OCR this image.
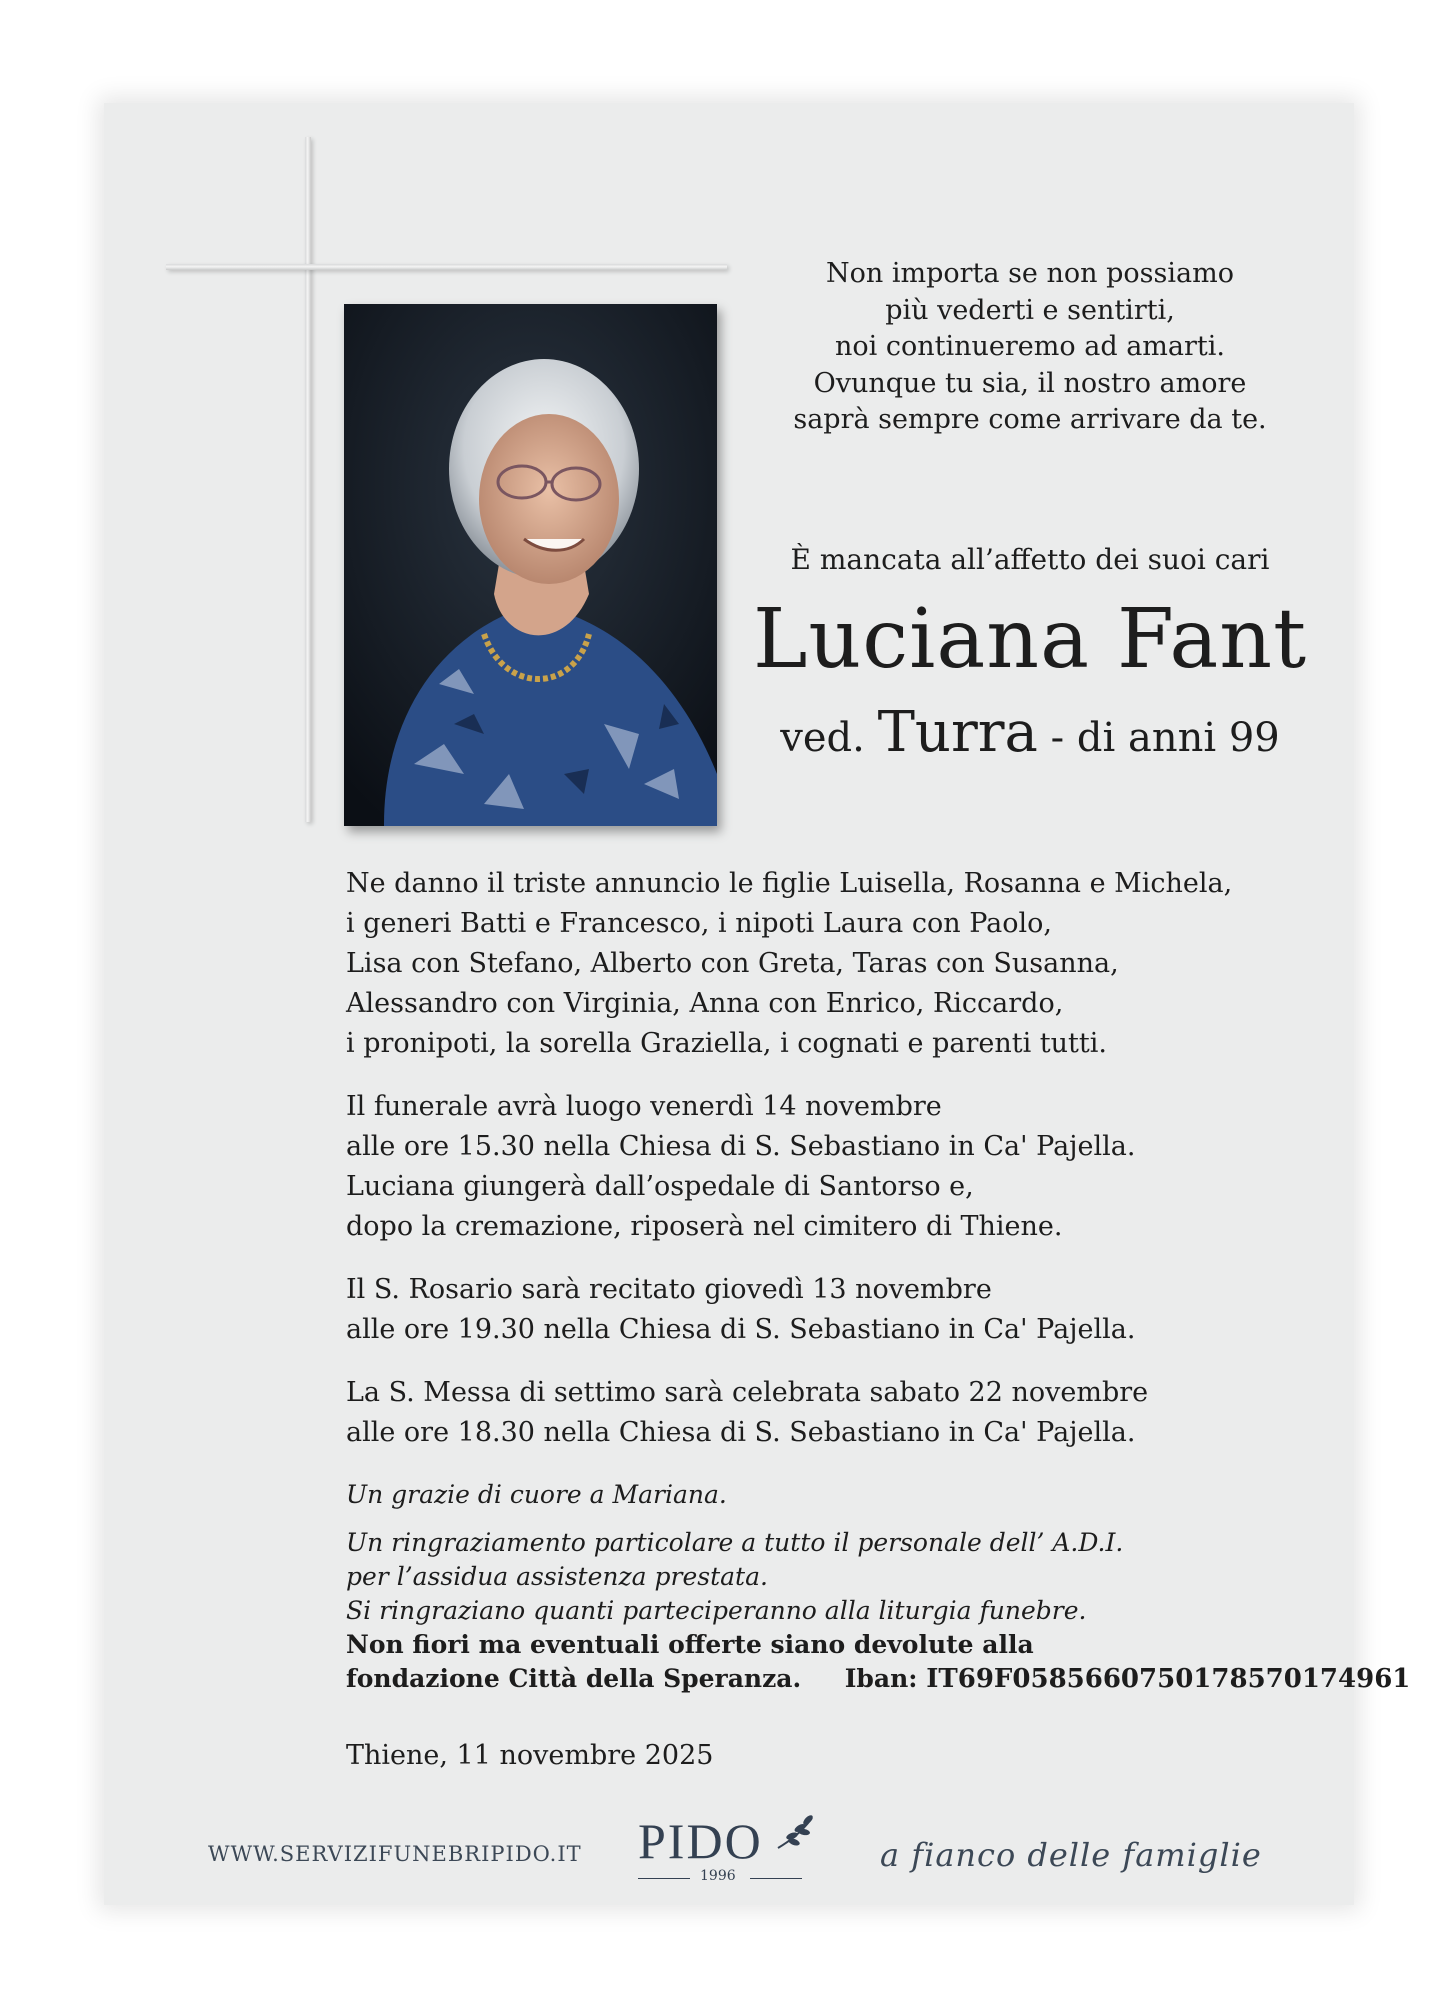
Non importa se non possiamo
più vederti e sentirti,
noi continueremo ad amarti.
Ovunque tu sia, il nostro amore
saprà sempre come arrivare da te.
È mancata all’affetto dei suoi cari
Luciana Fant
ved. Turra - di anni 99
Ne danno il triste annuncio le figlie Luisella, Rosanna e Michela,
i generi Batti e Francesco, i nipoti Laura con Paolo,
Lisa con Stefano, Alberto con Greta, Taras con Susanna,
Alessandro con Virginia, Anna con Enrico, Riccardo,
i pronipoti, la sorella Graziella, i cognati e parenti tutti.
Il funerale avrà luogo venerdì 14 novembre
alle ore 15.30 nella Chiesa di S. Sebastiano in Ca' Pajella.
Luciana giungerà dall’ospedale di Santorso e,
dopo la cremazione, riposerà nel cimitero di Thiene.
Il S. Rosario sarà recitato giovedì 13 novembre
alle ore 19.30 nella Chiesa di S. Sebastiano in Ca' Pajella.
La S. Messa di settimo sarà celebrata sabato 22 novembre
alle ore 18.30 nella Chiesa di S. Sebastiano in Ca' Pajella.
Un grazie di cuore a Mariana.
Un ringraziamento particolare a tutto il personale dell’ A.D.I.
per l’assidua assistenza prestata.
Si ringraziano quanti parteciperanno alla liturgia funebre.
Non fiori ma eventuali offerte siano devolute alla
fondazione Città della Speranza. Iban: IT69F0585660750178570174961
Thiene, 11 novembre 2025
WWW.SERVIZIFUNEBRIPIDO.IT PIDO
1996
a fianco delle famiglie
